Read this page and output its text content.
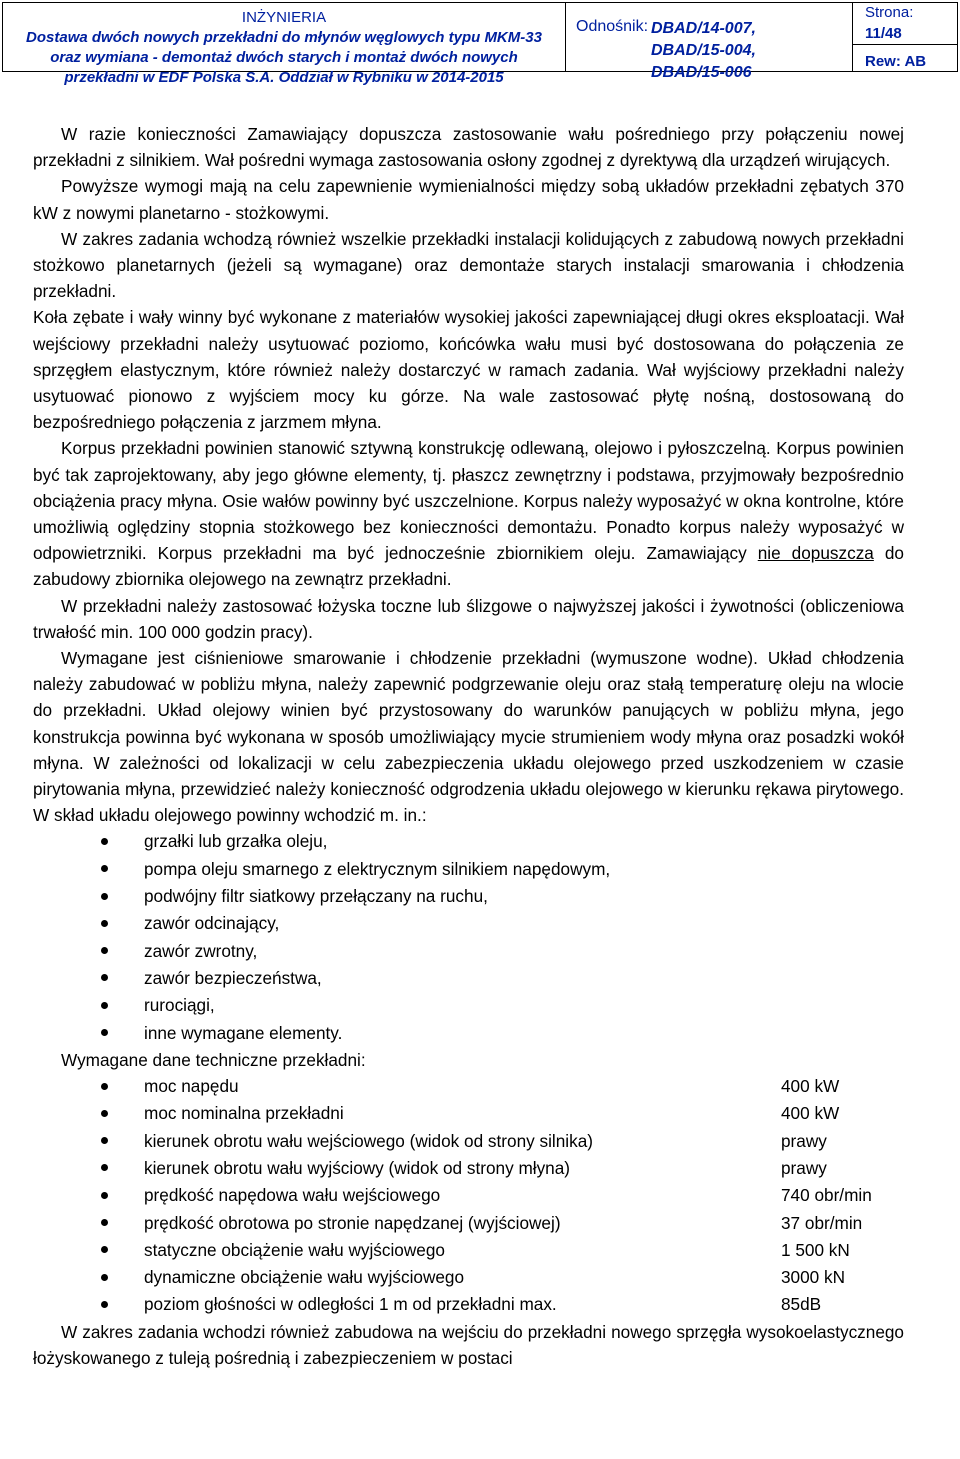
INŻYNIERIA
Dostawa dwóch nowych przekładni do młynów węglowych typu MKM-33
oraz wymiana - demontaż dwóch starych i montaż dwóch nowych
przekładni w EDF Polska S.A. Oddział w Rybniku w 2014-2015
Odnośnik: DBAD/14-007,
DBAD/15-004,
DBAD/15-006
Strona:
11/48
Rew: AB

W razie konieczności Zamawiający dopuszcza zastosowanie wału pośredniego przy połączeniu nowej przekładni z silnikiem. Wał pośredni wymaga zastosowania osłony zgodnej z dyrektywą dla urządzeń wirujących.

Powyższe wymogi mają na celu zapewnienie wymienialności między sobą układów przekładni zębatych 370 kW z nowymi planetarno - stożkowymi.

W zakres zadania wchodzą również wszelkie przekładki instalacji kolidujących z zabudową nowych przekładni stożkowo planetarnych (jeżeli są wymagane) oraz demontaże starych instalacji smarowania i chłodzenia przekładni.

Koła zębate i wały winny być wykonane z materiałów wysokiej jakości zapewniającej długi okres eksploatacji. Wał wejściowy przekładni należy usytuować poziomo, końcówka wału musi być dostosowana do połączenia ze sprzęgłem elastycznym, które również należy dostarczyć w ramach zadania. Wał wyjściowy przekładni należy usytuować pionowo z wyjściem mocy ku górze. Na wale zastosować płytę nośną, dostosowaną do bezpośredniego połączenia z jarzmem młyna.

Korpus przekładni powinien stanowić sztywną konstrukcję odlewaną, olejowo i pyłoszczelną. Korpus powinien być tak zaprojektowany, aby jego główne elementy, tj. płaszcz zewnętrzny i podstawa, przyjmowały bezpośrednio obciążenia pracy młyna. Osie wałów powinny być uszczelnione. Korpus należy wyposażyć w okna kontrolne, które umożliwią oględziny stopnia stożkowego bez konieczności demontażu. Ponadto korpus należy wyposażyć w odpowietrzniki. Korpus przekładni ma być jednocześnie zbiornikiem oleju. Zamawiający nie dopuszcza do zabudowy zbiornika olejowego na zewnątrz przekładni.

W przekładni należy zastosować łożyska toczne lub ślizgowe o najwyższej jakości i żywotności (obliczeniowa trwałość min. 100 000 godzin pracy).

Wymagane jest ciśnieniowe smarowanie i chłodzenie przekładni (wymuszone wodne). Układ chłodzenia należy zabudować w pobliżu młyna, należy zapewnić podgrzewanie oleju oraz stałą temperaturę oleju na wlocie do przekładni. Układ olejowy winien być przystosowany do warunków panujących w pobliżu młyna, jego konstrukcja powinna być wykonana w sposób umożliwiający mycie strumieniem wody młyna oraz posadzki wokół młyna. W zależności od lokalizacji w celu zabezpieczenia układu olejowego przed uszkodzeniem w czasie pirytowania młyna, przewidzieć należy konieczność odgrodzenia układu olejowego w kierunku rękawa pirytowego. W skład układu olejowego powinny wchodzić m. in.:

grzałki lub grzałka oleju,
pompa oleju smarnego z elektrycznym silnikiem napędowym,
podwójny filtr siatkowy przełączany na ruchu,
zawór odcinający,
zawór zwrotny,
zawór bezpieczeństwa,
rurociągi,
inne wymagane elementy.

Wymagane dane techniczne przekładni:

moc napędu	400 kW
moc nominalna przekładni	400 kW
kierunek obrotu wału wejściowego (widok od strony silnika)	prawy
kierunek obrotu wału wyjściowy (widok od strony młyna)	prawy
prędkość napędowa wału wejściowego	740 obr/min
prędkość obrotowa po stronie napędzanej (wyjściowej)	37 obr/min
statyczne obciążenie wału wyjściowego	1 500 kN
dynamiczne obciążenie wału wyjściowego	3000 kN
poziom głośności w odległości 1 m od przekładni max.	85dB

W zakres zadania wchodzi również zabudowa na wejściu do przekładni nowego sprzęgła wysokoelastycznego łożyskowanego z tuleją pośrednią i zabezpieczeniem w postaci
